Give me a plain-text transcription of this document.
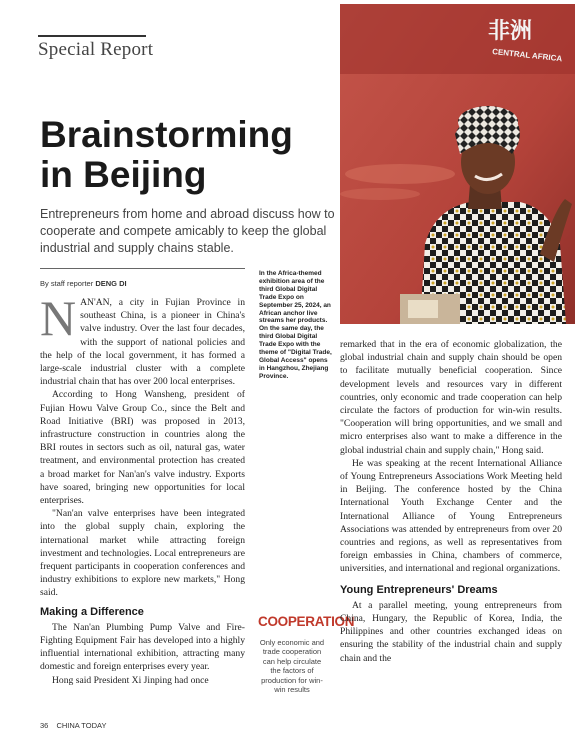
Special Report
Brainstorming
in Beijing
Entrepreneurs from home and abroad discuss how to cooperate and compete amicably to keep the global industrial and supply chains stable.
非洲
CENTRAL AFRICA
By staff reporter DENG DI
In the Africa-themed exhibition area of the third Global Digital Trade Expo on September 25, 2024, an African anchor live streams her products. On the same day, the third Global Digital Trade Expo with the theme of "Digital Trade, Global Access" opens in Hangzhou, Zhejiang Province.

NAN'AN, a city in Fujian Province in southeast China, is a pioneer in China's valve industry. Over the last four decades, with the support of national policies and the help of the local government, it has formed a large-scale industrial cluster with a complete industrial chain that has over 200 local enterprises.

According to Hong Wansheng, president of Fujian Howu Valve Group Co., since the Belt and Road Initiative (BRI) was proposed in 2013, infrastructure construction in countries along the BRI routes in sectors such as oil, natural gas, water treatment, and environmental protection has created a broad market for Nan'an's valve industry. Exports have soared, bringing new opportunities for local enterprises.

"Nan'an valve enterprises have been integrated into the global supply chain, exploring the international market while attracting foreign investment and technologies. Local entrepreneurs are frequent participants in cooperation conferences and industry exhibitions to explore new markets," Hong said.

Making a Difference

The Nan'an Plumbing Pump Valve and Fire-Fighting Equipment Fair has developed into a highly influential international exhibition, attracting many domestic and foreign enterprises every year.

Hong said President Xi Jinping had once

COOPERATION
Only economic and trade cooperation can help circulate the factors of production for win-win results

remarked that in the era of economic globalization, the global industrial chain and supply chain should be open to facilitate mutually beneficial cooperation. Since development levels and resources vary in different countries, only economic and trade cooperation can help circulate the factors of production for win-win results. "Cooperation will bring opportunities, and we small and micro enterprises also want to make a difference in the global industrial chain and supply chain," Hong said.

He was speaking at the recent International Alliance of Young Entrepreneurs Associations Work Meeting held in Beijing. The conference hosted by the China International Youth Exchange Center and the International Alliance of Young Entrepreneurs Associations was attended by entrepreneurs from over 20 countries and regions, as well as representatives from foreign embassies in China, chambers of commerce, universities, and international and regional organizations.

Young Entrepreneurs' Dreams

At a parallel meeting, young entrepreneurs from China, Hungary, the Republic of Korea, India, the Philippines and other countries exchanged ideas on ensuring the stability of the industrial chain and supply chain and the

36 CHINA TODAY
